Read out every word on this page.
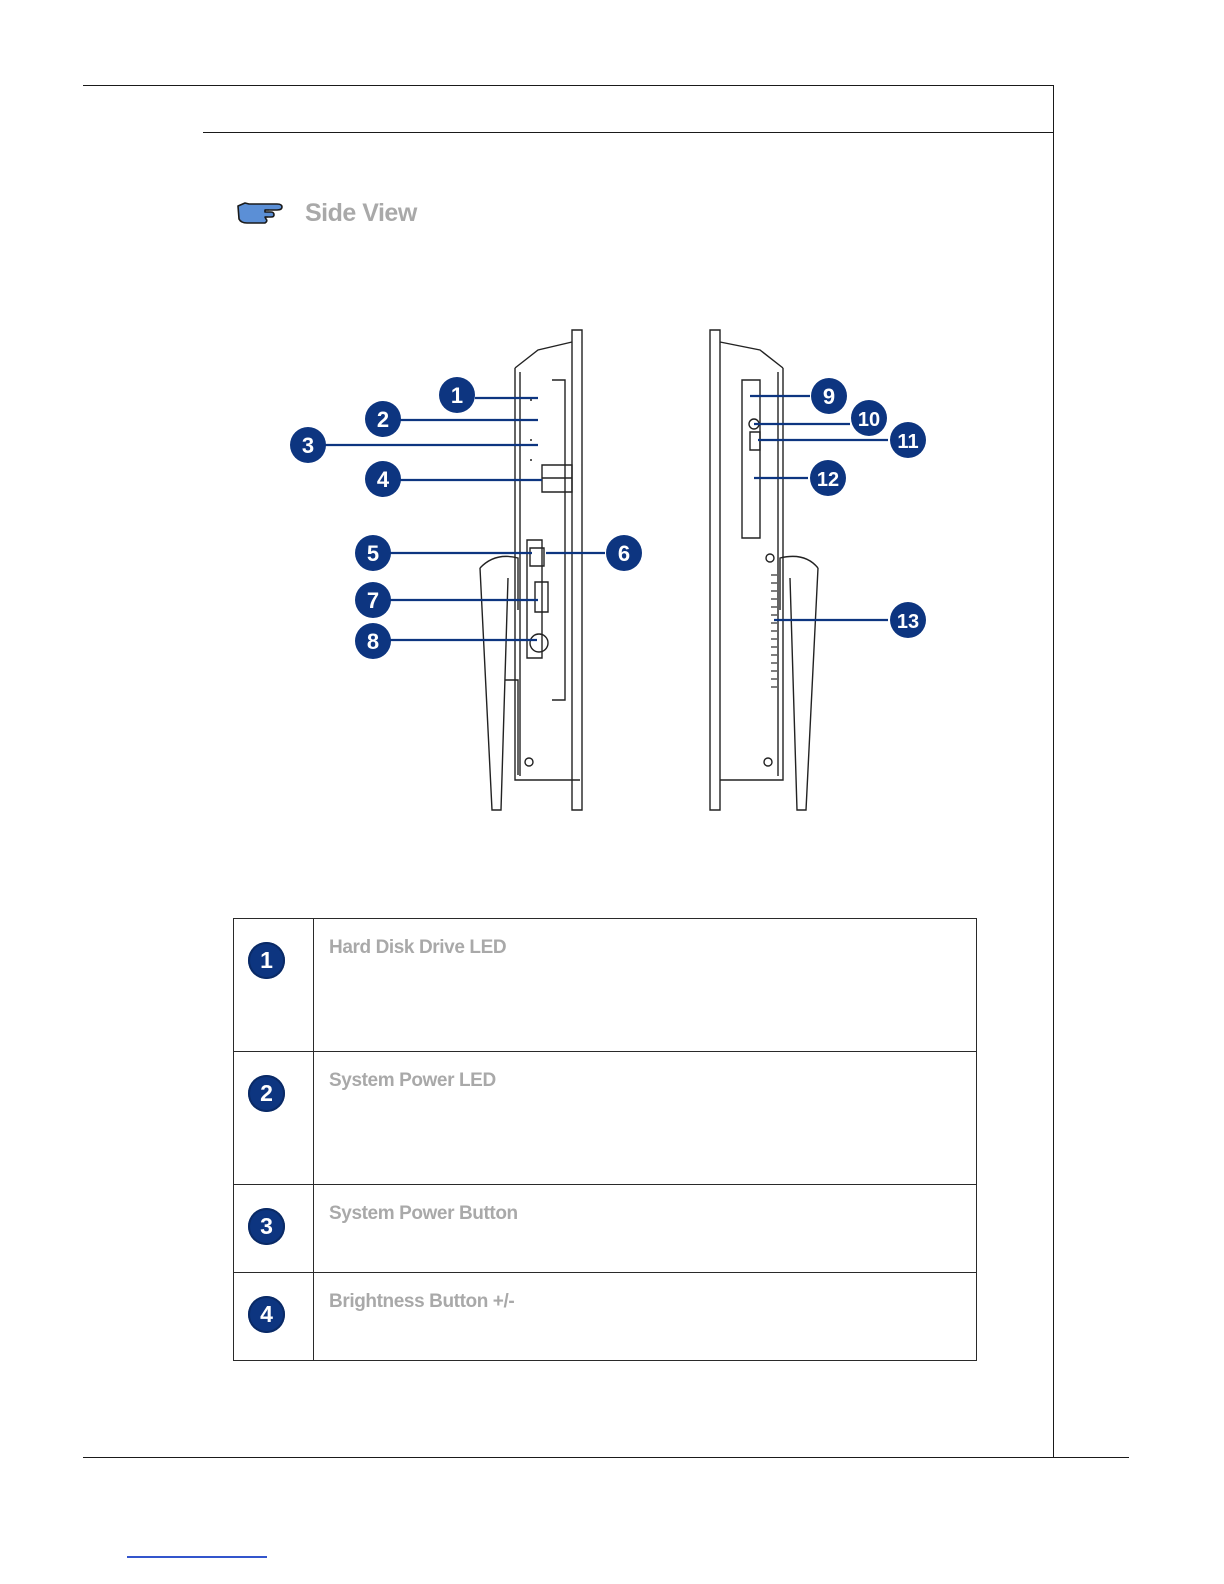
Side View
1
2
3
4
5	6
7
8
9
10
11
12
13
1	Hard Disk Drive LED

2	System Power LED

3	System Power Button

4	Brightness Button +/-
